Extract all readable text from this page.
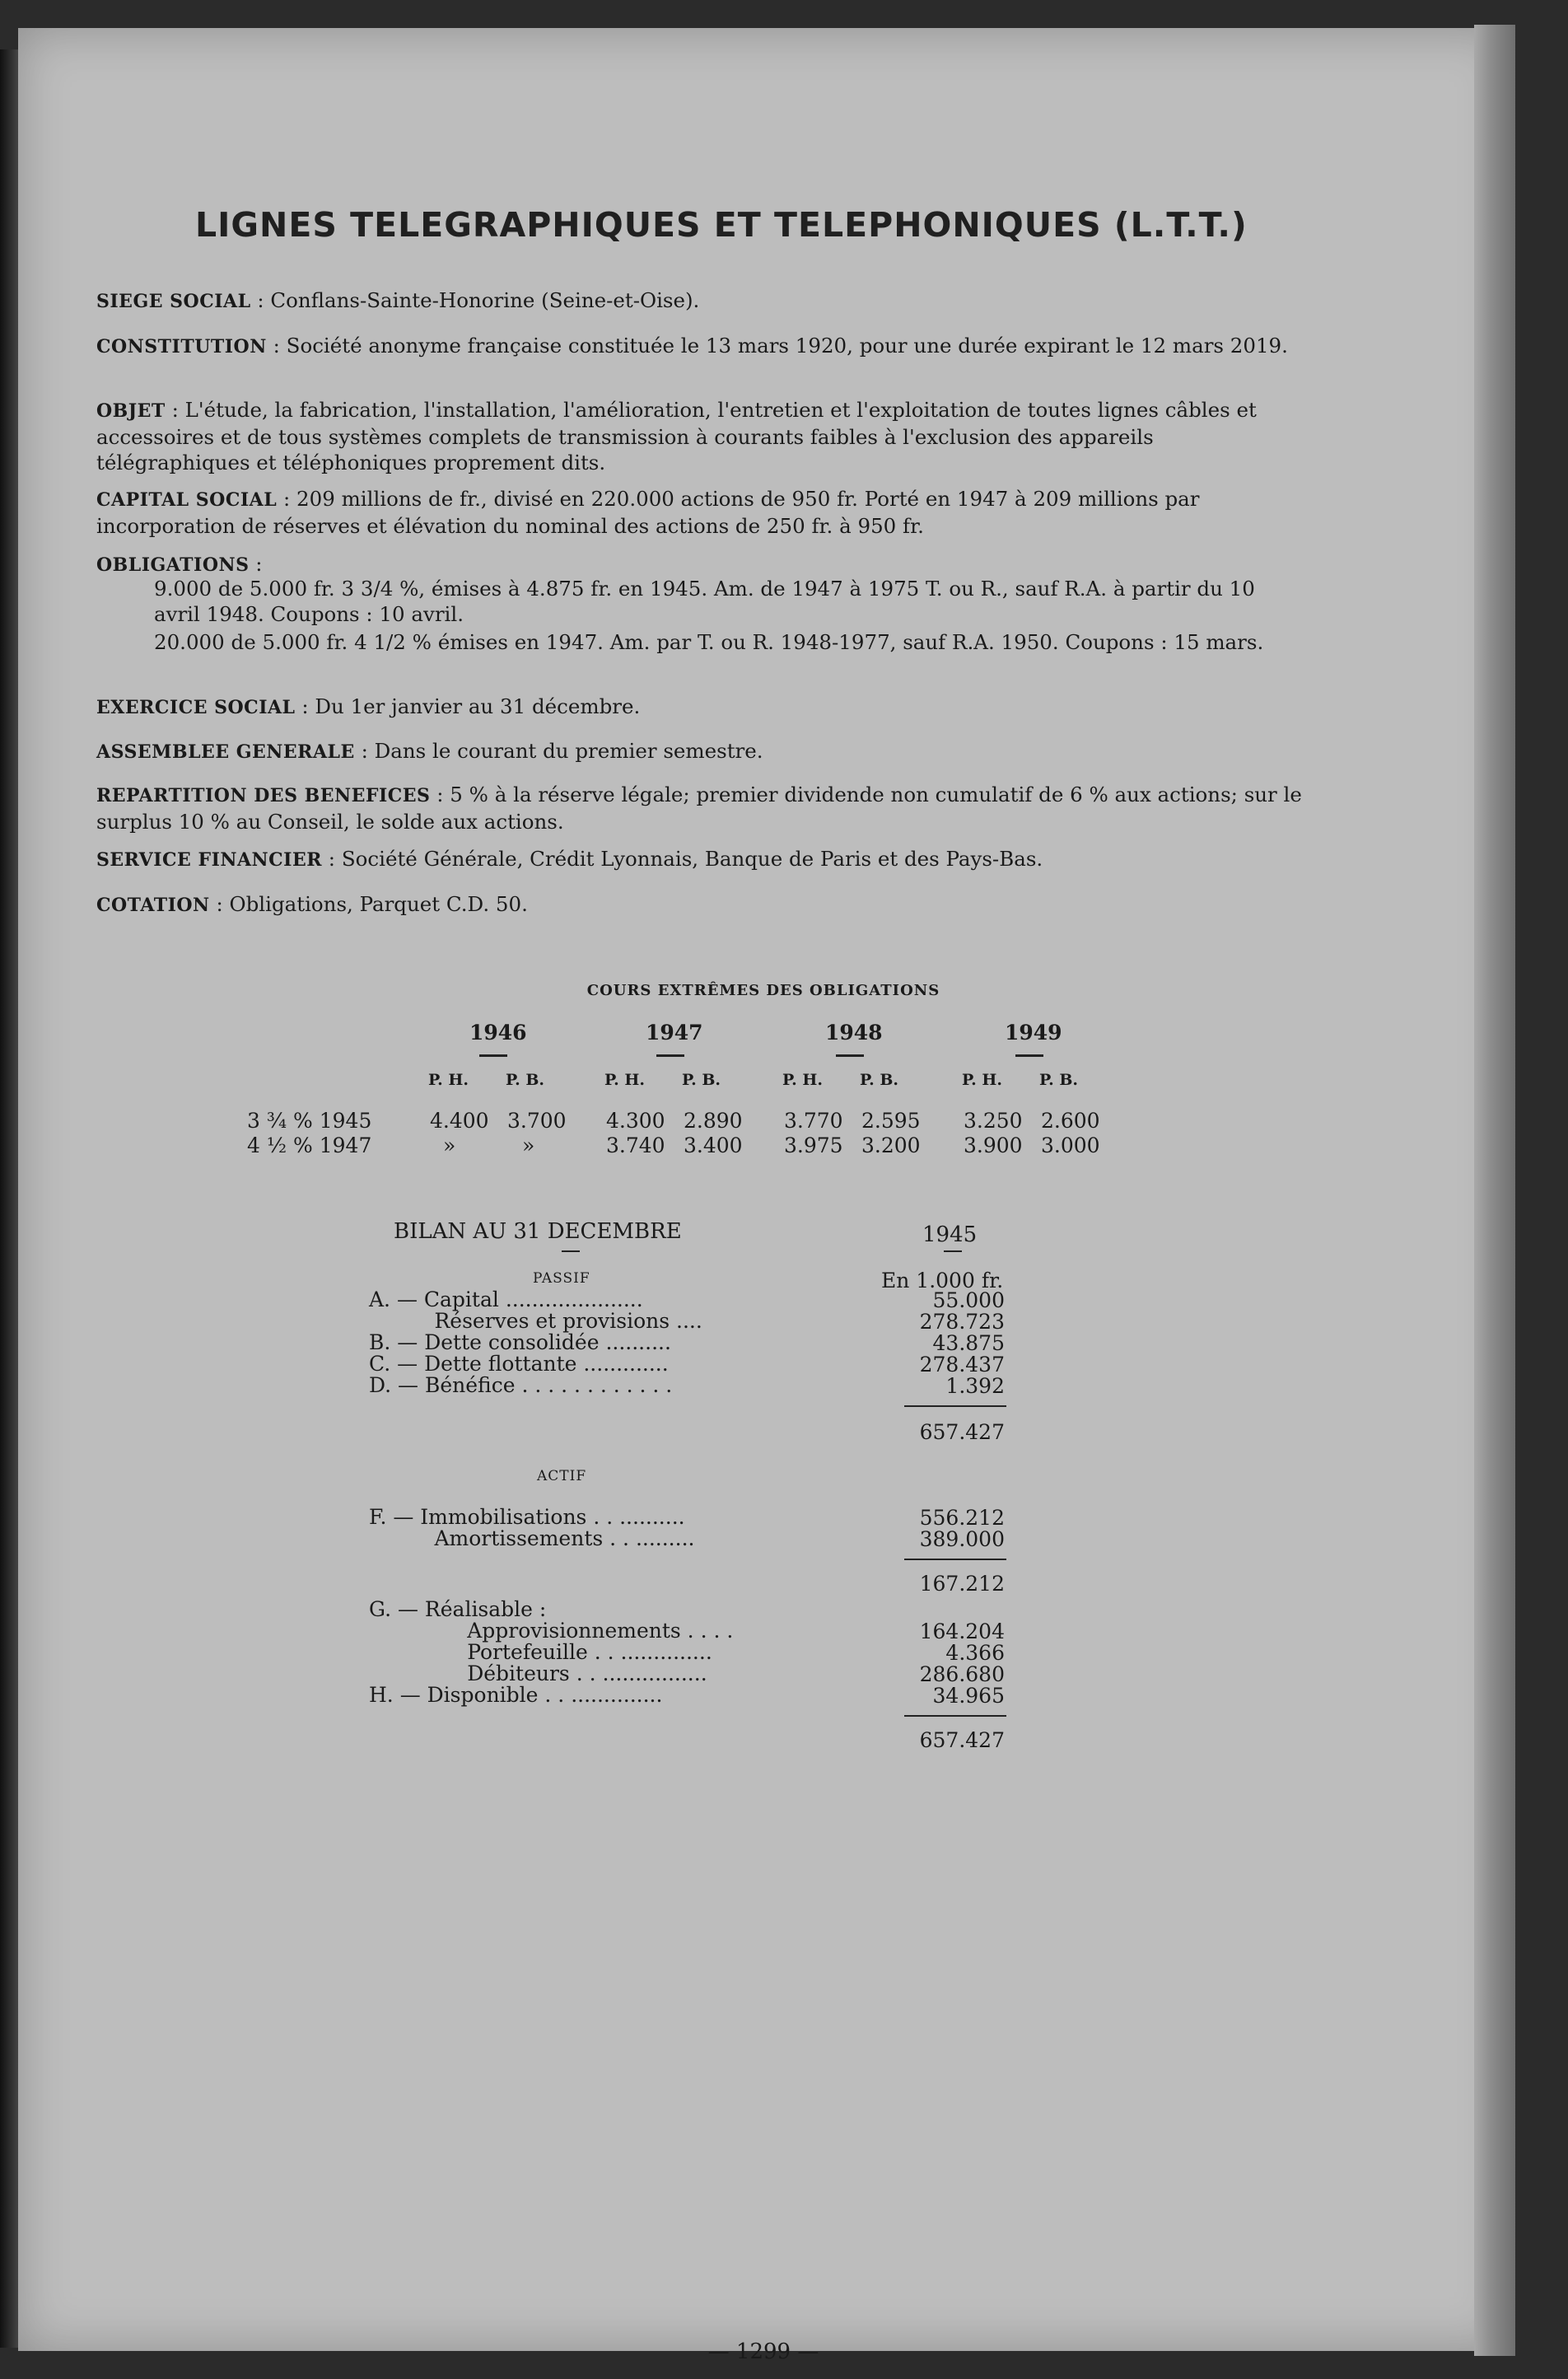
LIGNES TELEGRAPHIQUES ET TELEPHONIQUES (L.T.T.)
SIEGE SOCIAL : Conflans-Sainte-Honorine (Seine-et-Oise).
CONSTITUTION : Société anonyme française constituée le 13 mars 1920, pour une durée expirant le 12 mars 2019.
OBJET : L'étude, la fabrication, l'installation, l'amélioration, l'entretien et l'exploitation de toutes lignes câbles et accessoires et de tous systèmes complets de transmission à courants faibles à l'exclusion des appareils télégraphiques et téléphoniques proprement dits.
CAPITAL SOCIAL : 209 millions de fr., divisé en 220.000 actions de 950 fr. Porté en 1947 à 209 millions par incorporation de réserves et élévation du nominal des actions de 250 fr. à 950 fr.
OBLIGATIONS :
9.000 de 5.000 fr. 3 3/4 %, émises à 4.875 fr. en 1945. Am. de 1947 à 1975 T. ou R., sauf R.A. à partir du 10 avril 1948. Coupons : 10 avril.
20.000 de 5.000 fr. 4 1/2 % émises en 1947. Am. par T. ou R. 1948-1977, sauf R.A. 1950. Coupons : 15 mars.
EXERCICE SOCIAL : Du 1er janvier au 31 décembre.
ASSEMBLEE GENERALE : Dans le courant du premier semestre.
REPARTITION DES BENEFICES : 5 % à la réserve légale; premier dividende non cumulatif de 6 % aux actions; sur le surplus 10 % au Conseil, le solde aux actions.
SERVICE FINANCIER : Société Générale, Crédit Lyonnais, Banque de Paris et des Pays-Bas.
COTATION : Obligations, Parquet C.D. 50.
COURS EXTRÊMES DES OBLIGATIONS
1946	1947	1948	1949
P. H. P. B.	P. H. P. B.	P. H. P. B.	P. H. P. B.
3 ¾ % 1945	4.400 3.700 4.300 2.890 3.770 2.595 3.250 2.600
4 ½ % 1947	»	»	3.740 3.400 3.975 3.200 3.900 3.000
BILAN AU 31 DECEMBRE	1945
PASSIF	En 1.000 fr.
A. — Capital .....................	55.000
Réserves et provisions ....	278.723
B. — Dette consolidée ..........	43.875
C. — Dette flottante .............	278.437
D. — Bénéfice . . . . . . . . . . . .	1.392
657.427
ACTIF
F. — Immobilisations . . ..........	556.212
Amortissements . . .........	389.000
167.212
G. — Réalisable :
Approvisionnements . . . .	164.204
Portefeuille . . ..............	4.366
Débiteurs . . ................	286.680
H. — Disponible . . ..............	34.965
657.427
— 1299 —
